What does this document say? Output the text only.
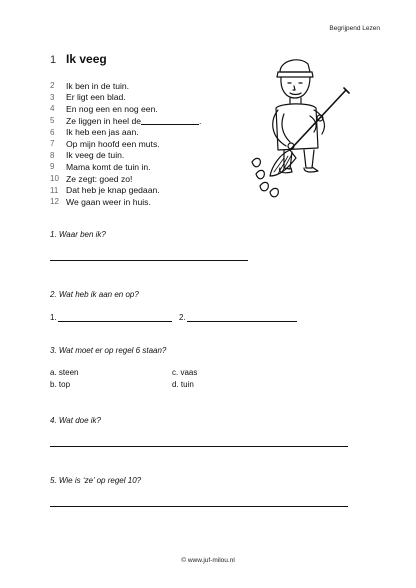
Begrijpend Lezen
1 Ik veeg
2	Ik ben in de tuin.
3	Er ligt een blad.
4	En nog een en nog een.
5	Ze liggen in heel de	.
6	Ik heb een jas aan.
7	Op mijn hoofd een muts.
8	Ik veeg de tuin.
9	Mama komt de tuin in.
10 Ze zegt: goed zo!
11 Dat heb je knap gedaan.
12 We gaan weer in huis.
1. Waar ben ik?
2. Wat heb ik aan en op?
1.	2.
3. Wat moet er op regel 6 staan?
a. steen
b. top
c. vaas
d. tuin
4. Wat doe ik?
5. Wie is ‘ze’ op regel 10?
© www.juf-milou.nl
